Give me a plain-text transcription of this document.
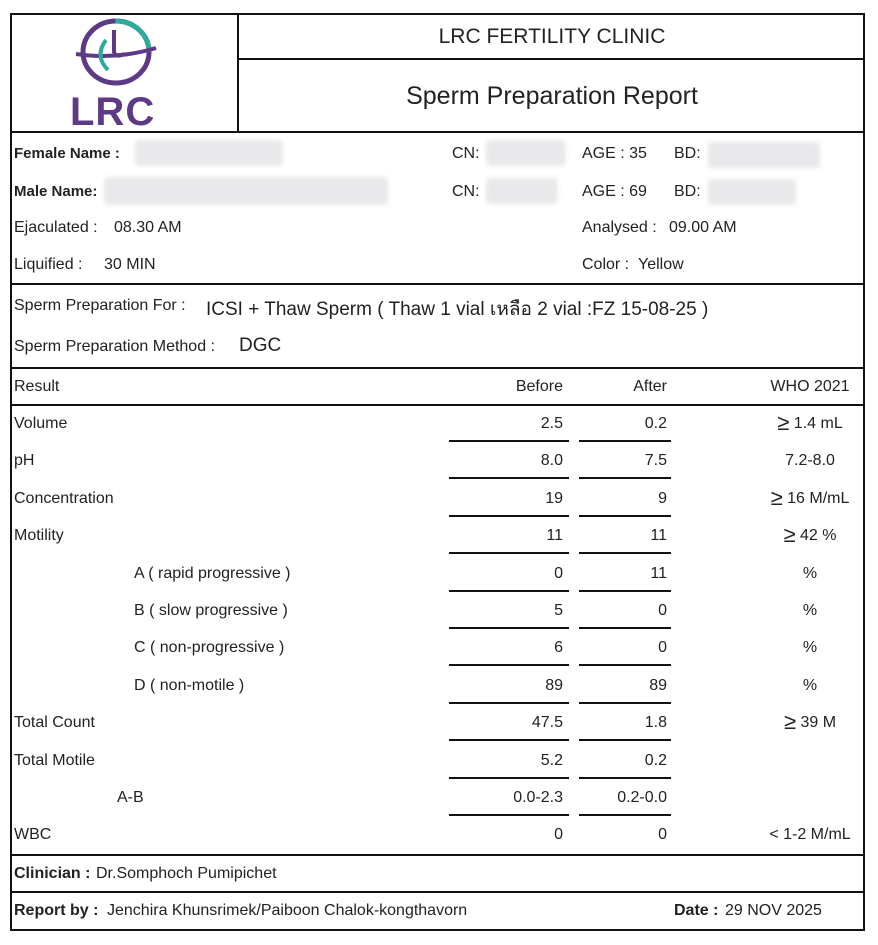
LRC
LRC FERTILITY CLINIC
Sperm Preparation Report
Female Name :	CN:	AGE : 35 BD:
Male Name:	CN:	AGE : 69 BD:
Ejaculated : 08.30 AM	Analysed : 09.00 AM
Liquified : 30 MIN	Color : Yellow
Sperm Preparation For : ICSI + Thaw Sperm ( Thaw 1 vial เหลือ 2 vial :FZ 15-08-25 )
Sperm Preparation Method : DGC
Result	Before	After	WHO 2021
Volume	2.5	0.2	≥ 1.4 mL
pH	8.0	7.5	7.2-8.0
Concentration	19	9	≥ 16 M/mL
Motility	11	11	≥ 42 %
A ( rapid progressive )	0	11	%
B ( slow progressive )	5	0	%
C ( non-progressive )	6	0	%
D ( non-motile )	89	89	%
Total Count	47.5	1.8	≥ 39 M
Total Motile	5.2	0.2
A-B	0.0-2.3	0.2-0.0
WBC	0	0	< 1-2 M/mL
Clinician : Dr.Somphoch Pumipichet
Report by : Jenchira Khunsrimek/Paiboon Chalok-kongthavorn	Date : 29 NOV 2025
